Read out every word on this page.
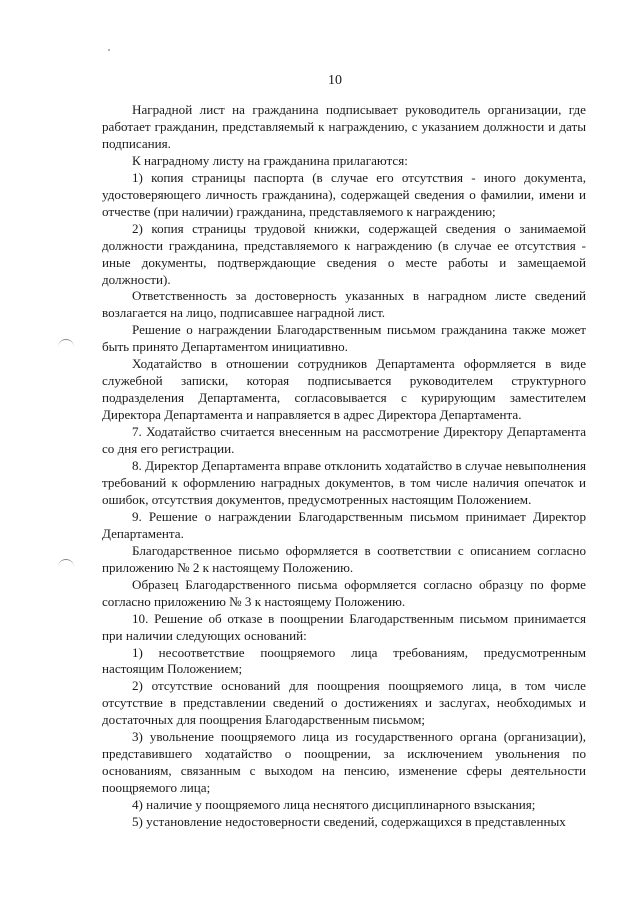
10

Наградной лист на гражданина подписывает руководитель организации, где работает гражданин, представляемый к награждению, с указанием должности и даты подписания.

К наградному листу на гражданина прилагаются:

1) копия страницы паспорта (в случае его отсутствия - иного документа, удостоверяющего личность гражданина), содержащей сведения о фамилии, имени и отчестве (при наличии) гражданина, представляемого к награждению;

2) копия страницы трудовой книжки, содержащей сведения о занимаемой должности гражданина, представляемого к награждению (в случае ее отсутствия - иные документы, подтверждающие сведения о месте работы и замещаемой должности).

Ответственность за достоверность указанных в наградном листе сведений возлагается на лицо, подписавшее наградной лист.

Решение о награждении Благодарственным письмом гражданина также может быть принято Департаментом инициативно.

Ходатайство в отношении сотрудников Департамента оформляется в виде служебной записки, которая подписывается руководителем структурного подразделения Департамента, согласовывается с курирующим заместителем Директора Департамента и направляется в адрес Директора Департамента.

7. Ходатайство считается внесенным на рассмотрение Директору Департамента со дня его регистрации.

8. Директор Департамента вправе отклонить ходатайство в случае невыполнения требований к оформлению наградных документов, в том числе наличия опечаток и ошибок, отсутствия документов, предусмотренных настоящим Положением.

9. Решение о награждении Благодарственным письмом принимает Директор Департамента.

Благодарственное письмо оформляется в соответствии с описанием согласно приложению № 2 к настоящему Положению.

Образец Благодарственного письма оформляется согласно образцу по форме согласно приложению № 3 к настоящему Положению.

10. Решение об отказе в поощрении Благодарственным письмом принимается при наличии следующих оснований:

1) несоответствие поощряемого лица требованиям, предусмотренным настоящим Положением;

2) отсутствие оснований для поощрения поощряемого лица, в том числе отсутствие в представлении сведений о достижениях и заслугах, необходимых и достаточных для поощрения Благодарственным письмом;

3) увольнение поощряемого лица из государственного органа (организации), представившего ходатайство о поощрении, за исключением увольнения по основаниям, связанным с выходом на пенсию, изменение сферы деятельности поощряемого лица;

4) наличие у поощряемого лица неснятого дисциплинарного взыскания;

5) установление недостоверности сведений, содержащихся в представленных
